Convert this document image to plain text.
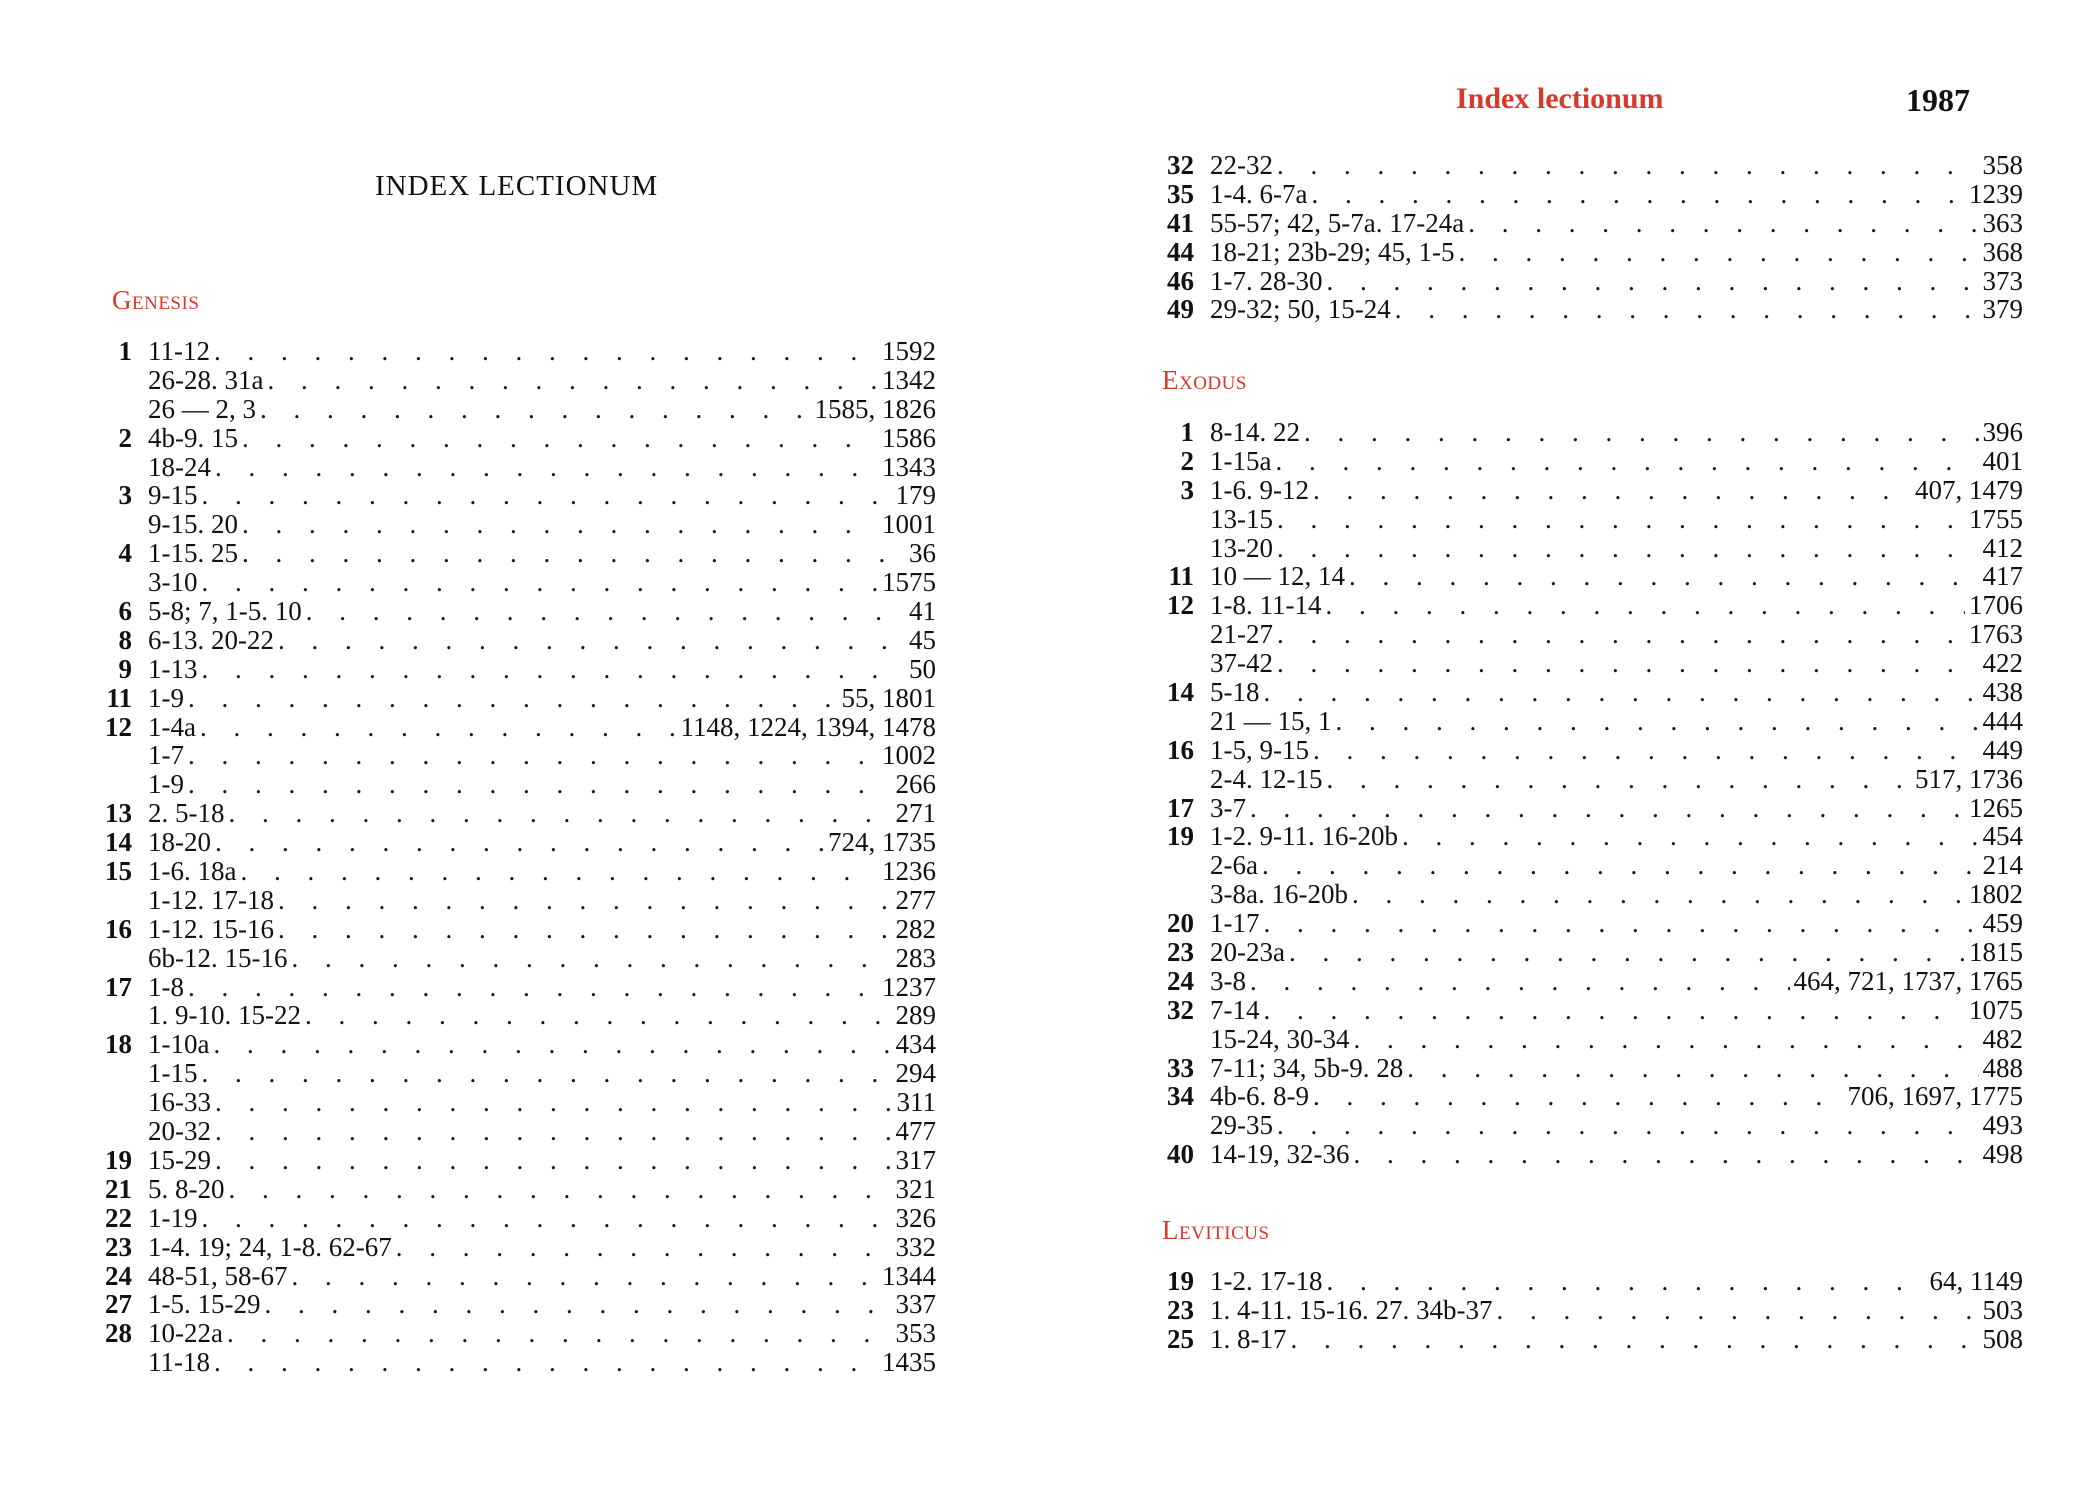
INDEX LECTIONUM
Genesis
1 11-12 . . .	1592
26-28. 31a . . .	1342
26 — 2, 3 . . .	1585, 1826
2 4b-9. 15 . . .	1586
18-24 . . .	1343
3 9-15 . . .	179
9-15. 20 . . .	1001
4 1-15. 25 . . .	36
3-10 . . .	1575
6 5-8; 7, 1-5. 10 . . .	41
8 6-13. 20-22 . . .	45
9 1-13 . . .	50
11 1-9 . . .	55, 1801
12 1-4a . . .	1148, 1224, 1394, 1478
1-7 . . .	1002
1-9 . . .	266
13 2. 5-18 . . .	271
14 18-20 . . .	724, 1735
15 1-6. 18a . . .	1236
1-12. 17-18 . . .	277
16 1-12. 15-16 . . .	282
6b-12. 15-16 . . .	283
17 1-8 . . .	1237
1. 9-10. 15-22 . . .	289
18 1-10a . . .	434
1-15 . . .	294
16-33 . . .	311
20-32 . . .	477
19 15-29 . . .	317
21 5. 8-20 . . .	321
22 1-19 . . .	326
23 1-4. 19; 24, 1-8. 62-67 . . .	332
24 48-51, 58-67 . . .	1344
27 1-5. 15-29 . . .	337
28 10-22a . . .	353
11-18 . . .	1435
Index lectionum	1987
32 22-32 . . .	358
35 1-4. 6-7a . . .	1239
41 55-57; 42, 5-7a. 17-24a . . .	363
44 18-21; 23b-29; 45, 1-5 . . .	368
46 1-7. 28-30 . . .	373
49 29-32; 50, 15-24 . . .	379
Exodus
1 8-14. 22 . . .	396
2 1-15a . . .	401
3 1-6. 9-12 . . .	407, 1479
13-15 . . .	1755
13-20 . . .	412
11 10 — 12, 14 . . .	417
12 1-8. 11-14 . . .	1706
21-27 . . .	1763
37-42 . . .	422
14 5-18 . . .	438
21 — 15, 1 . . .	444
16 1-5, 9-15 . . .	449
2-4. 12-15 . . .	517, 1736
17 3-7 . . .	1265
19 1-2. 9-11. 16-20b . . .	454
2-6a . . .	214
3-8a. 16-20b . . .	1802
20 1-17 . . .	459
23 20-23a . . .	1815
24 3-8 . . .	464, 721, 1737, 1765
32 7-14 . . .	1075
15-24, 30-34 . . .	482
33 7-11; 34, 5b-9. 28 . . .	488
34 4b-6. 8-9 . . .	706, 1697, 1775
29-35 . . .	493
40 14-19, 32-36 . . .	498
Leviticus
19 1-2. 17-18 . . .	64, 1149
23 1. 4-11. 15-16. 27. 34b-37 . . .	503
25 1. 8-17 . . .	508
